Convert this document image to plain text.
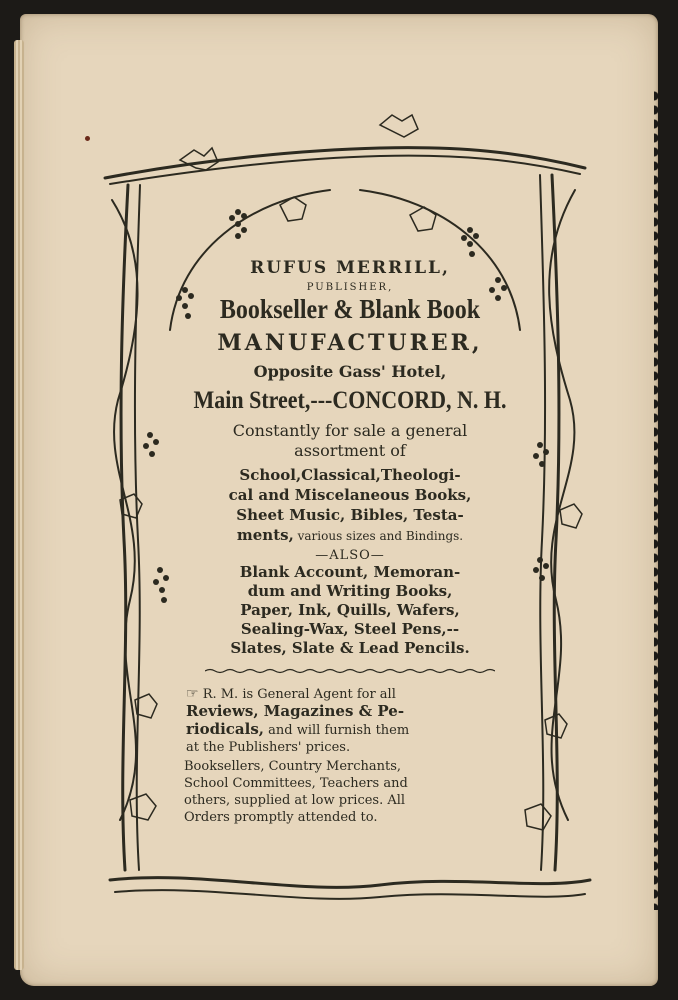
RUFUS MERRILL,
PUBLISHER,
Bookseller & Blank Book
MANUFACTURER,
Opposite Gass' Hotel,
Main Street,---CONCORD, N. H.
Constantly for sale a general
assortment of
School,Classical,Theologi-
cal and Miscelaneous Books,
Sheet Music, Bibles, Testa-
ments, various sizes and Bindings.
—ALSO—
Blank Account, Memoran-
dum and Writing Books,
Paper, Ink, Quills, Wafers,
Sealing-Wax, Steel Pens,--
Slates, Slate & Lead Pencils.
☞ R. M. is General Agent for all
Reviews, Magazines & Pe-
riodicals, and will furnish them
at the Publishers' prices.
Booksellers, Country Merchants,
School Committees, Teachers and
others, supplied at low prices. All
Orders promptly attended to.
